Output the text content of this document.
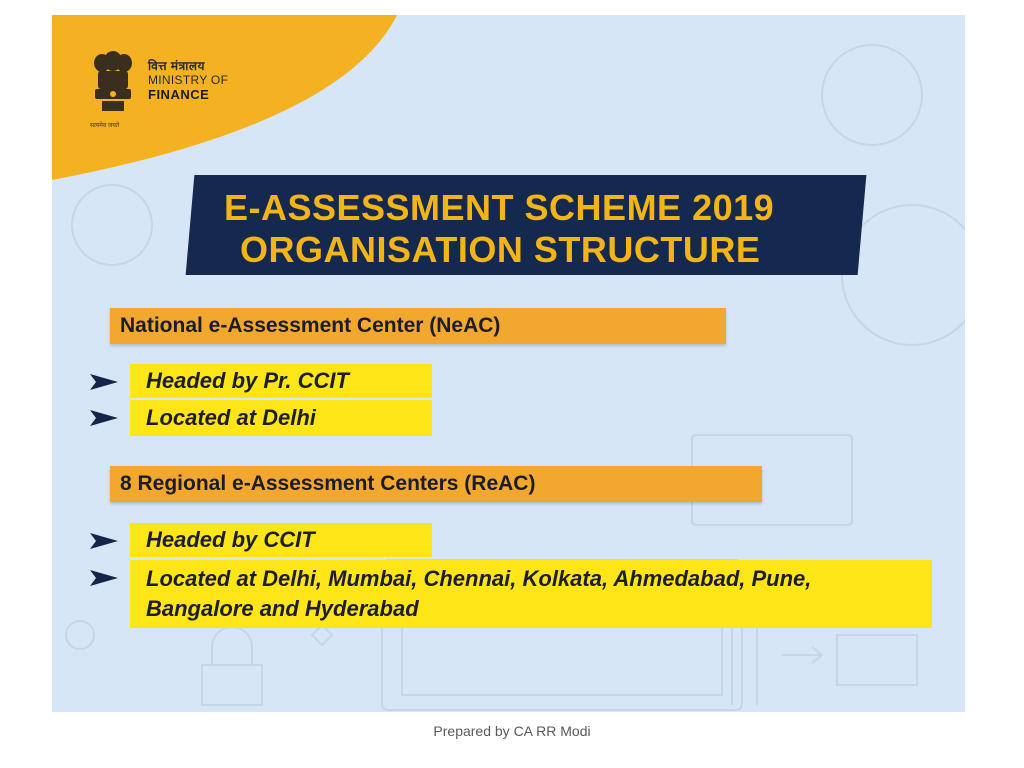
वित्त मंत्रालय
MINISTRY OF
FINANCE
सत्यमेव जयते
E-ASSESSMENT SCHEME 2019
ORGANISATION STRUCTURE
National e-Assessment Center (NeAC)
Headed by Pr. CCIT
Located at Delhi
8 Regional e-Assessment Centers (ReAC)
Headed by CCIT
Located at Delhi, Mumbai, Chennai, Kolkata, Ahmedabad, Pune, Bangalore and Hyderabad
Prepared by CA RR Modi
